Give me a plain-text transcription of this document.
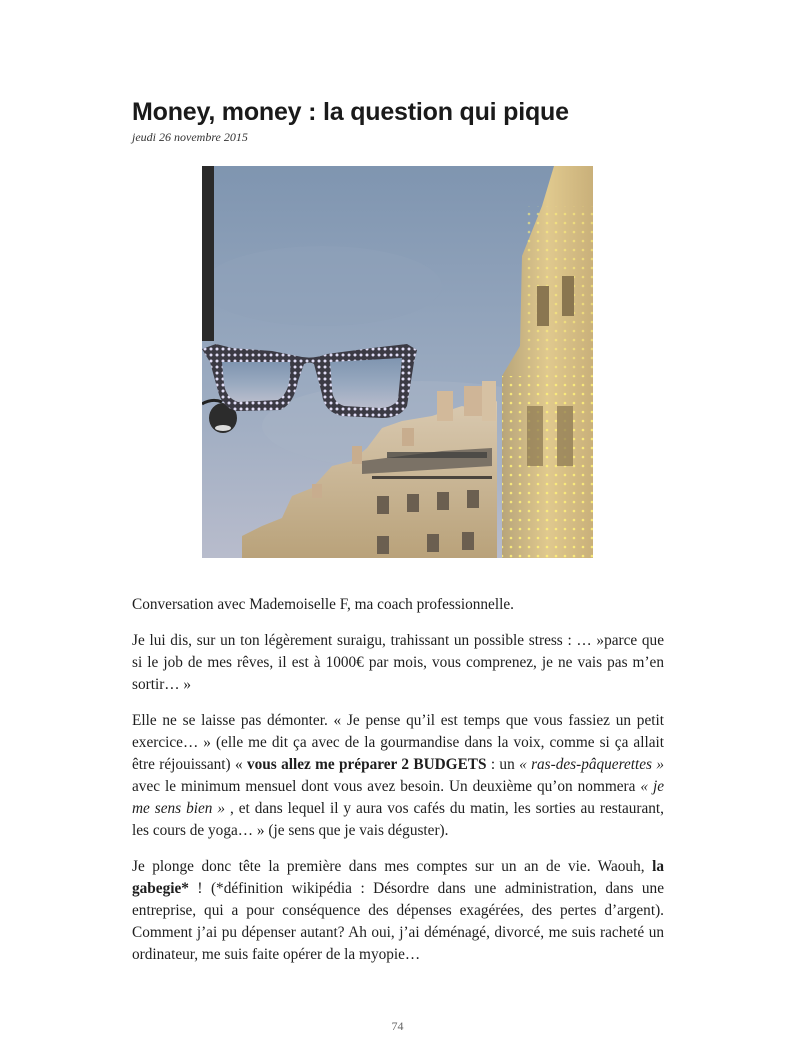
Money, money : la question qui pique
jeudi 26 novembre 2015

Conversation avec Mademoiselle F, ma coach professionnelle.

Je lui dis, sur un ton légèrement suraigu, trahissant un possible stress : … »parce que si le job de mes rêves, il est à 1000€ par mois, vous comprenez, je ne vais pas m’en sortir… »

Elle ne se laisse pas démonter. « Je pense qu’il est temps que vous fassiez un petit exercice… » (elle me dit ça avec de la gourmandise dans la voix, comme si ça allait être réjouissant) « vous allez me préparer 2 BUDGETS : un « ras-des-pâquerettes » avec le minimum mensuel dont vous avez besoin. Un deuxième qu’on nommera « je me sens bien » , et dans lequel il y aura vos cafés du matin, les sorties au restaurant, les cours de yoga… » (je sens que je vais déguster).

Je plonge donc tête la première dans mes comptes sur un an de vie. Waouh, la gabegie* ! (*définition wikipédia : Désordre dans une administration, dans une entreprise, qui a pour conséquence des dépenses exagérées, des pertes d’argent). Comment j’ai pu dépenser autant? Ah oui, j’ai déménagé, divorcé, me suis racheté un ordinateur, me suis faite opérer de la myopie…

74
